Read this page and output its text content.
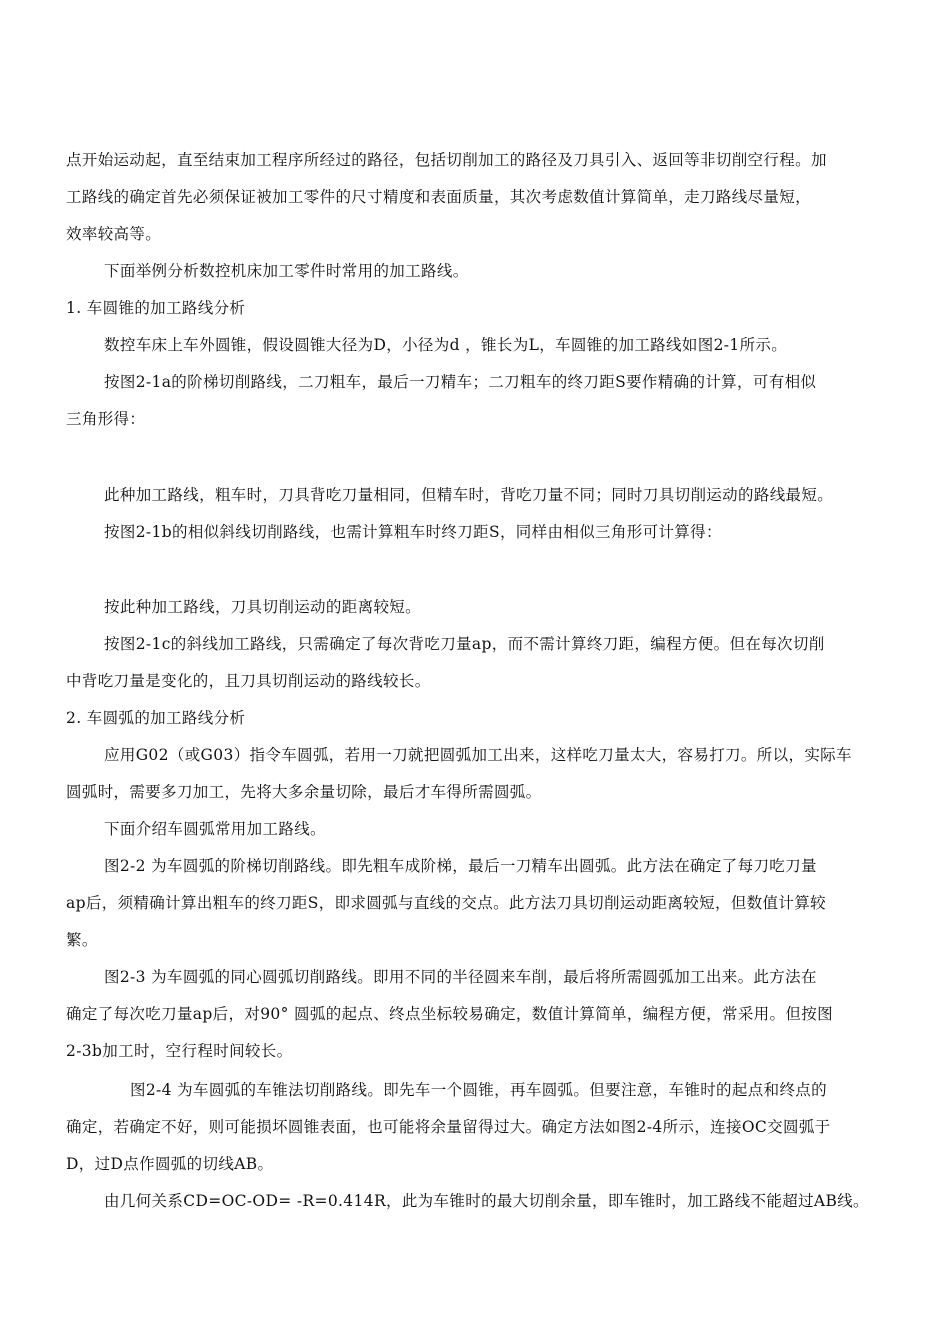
点开始运动起，直至结束加工程序所经过的路径，包括切削加工的路径及刀具引入、返回等非切削空行程。加

工路线的确定首先必须保证被加工零件的尺寸精度和表面质量，其次考虑数值计算简单，走刀路线尽量短，

效率较高等。

下面举例分析数控机床加工零件时常用的加工路线。

1. 车圆锥的加工路线分析

数控车床上车外圆锥，假设圆锥大径为D，小径为d ，锥长为L，车圆锥的加工路线如图2-1所示。

按图2-1a的阶梯切削路线，二刀粗车，最后一刀精车；二刀粗车的终刀距S要作精确的计算，可有相似

三角形得：

此种加工路线，粗车时，刀具背吃刀量相同，但精车时，背吃刀量不同；同时刀具切削运动的路线最短。

按图2-1b的相似斜线切削路线，也需计算粗车时终刀距S，同样由相似三角形可计算得：

按此种加工路线，刀具切削运动的距离较短。

按图2-1c的斜线加工路线，只需确定了每次背吃刀量ap，而不需计算终刀距，编程方便。但在每次切削

中背吃刀量是变化的，且刀具切削运动的路线较长。

2. 车圆弧的加工路线分析

应用G02（或G03）指令车圆弧，若用一刀就把圆弧加工出来，这样吃刀量太大，容易打刀。所以，实际车

圆弧时，需要多刀加工，先将大多余量切除，最后才车得所需圆弧。

下面介绍车圆弧常用加工路线。

图2-2 为车圆弧的阶梯切削路线。即先粗车成阶梯，最后一刀精车出圆弧。此方法在确定了每刀吃刀量

ap后，须精确计算出粗车的终刀距S，即求圆弧与直线的交点。此方法刀具切削运动距离较短，但数值计算较

繁。

图2-3 为车圆弧的同心圆弧切削路线。即用不同的半径圆来车削，最后将所需圆弧加工出来。此方法在

确定了每次吃刀量ap后，对90° 圆弧的起点、终点坐标较易确定，数值计算简单，编程方便，常采用。但按图

2-3b加工时，空行程时间较长。

图2-4 为车圆弧的车锥法切削路线。即先车一个圆锥，再车圆弧。但要注意，车锥时的起点和终点的

确定，若确定不好，则可能损坏圆锥表面，也可能将余量留得过大。确定方法如图2-4所示，连接OC交圆弧于

D，过D点作圆弧的切线AB。

由几何关系CD=OC-OD= -R=0.414R，此为车锥时的最大切削余量，即车锥时，加工路线不能超过AB线。
